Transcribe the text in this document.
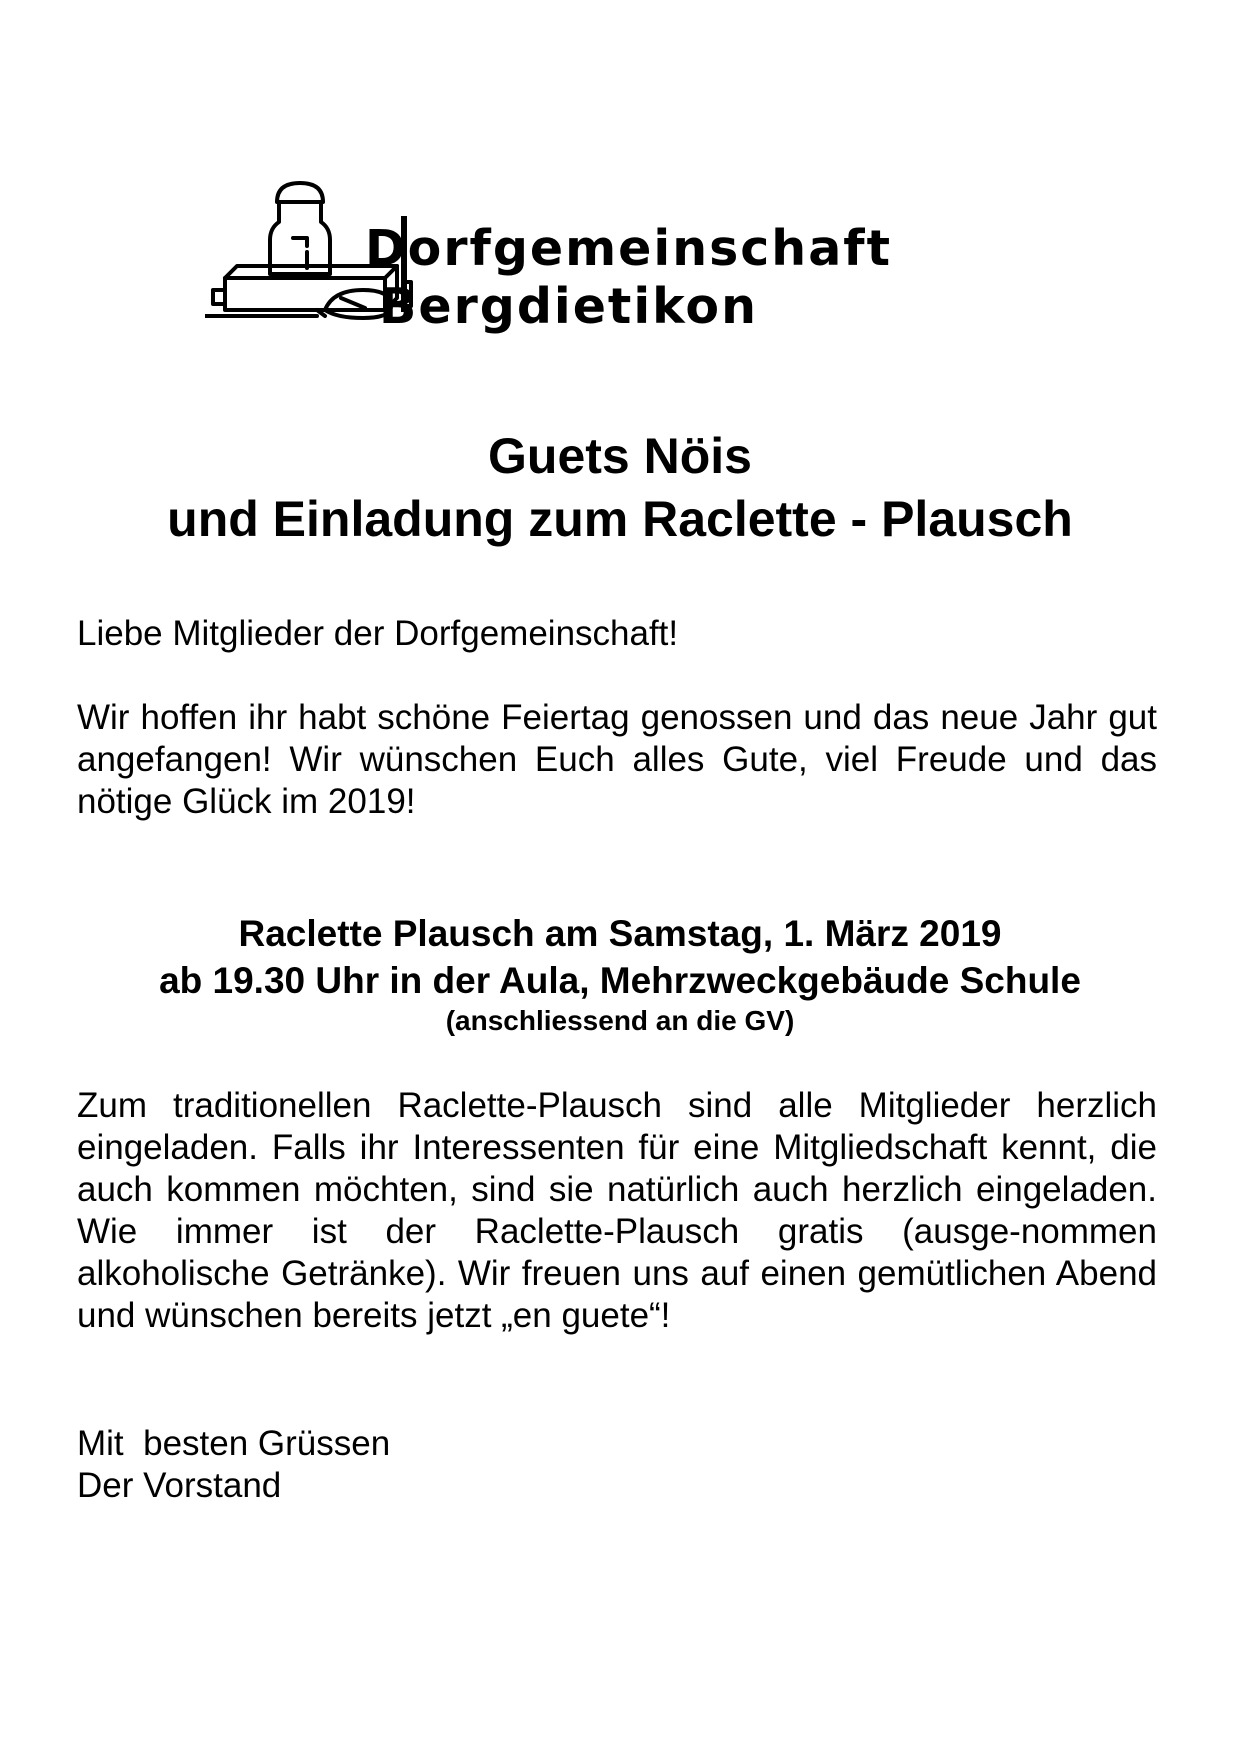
Dorfgemeinschaft
Bergdietikon
Guets Nöis
und Einladung zum Raclette - Plausch
Liebe Mitglieder der Dorfgemeinschaft!
Wir hoffen ihr habt schöne Feiertag genossen und das neue Jahr gut angefangen! Wir wünschen Euch alles Gute, viel Freude und das nötige Glück im 2019!
Raclette Plausch am Samstag, 1. März 2019
ab 19.30 Uhr in der Aula, Mehrzweckgebäude Schule
(anschliessend an die GV)
Zum traditionellen Raclette-Plausch sind alle Mitglieder herzlich eingeladen. Falls ihr Interessenten für eine Mitgliedschaft kennt, die auch kommen möchten, sind sie natürlich auch herzlich eingeladen. Wie immer ist der Raclette-Plausch gratis (ausge-nommen alkoholische Getränke). Wir freuen uns auf einen gemütlichen Abend und wünschen bereits jetzt „en guete“!
Mit  besten Grüssen
Der Vorstand
